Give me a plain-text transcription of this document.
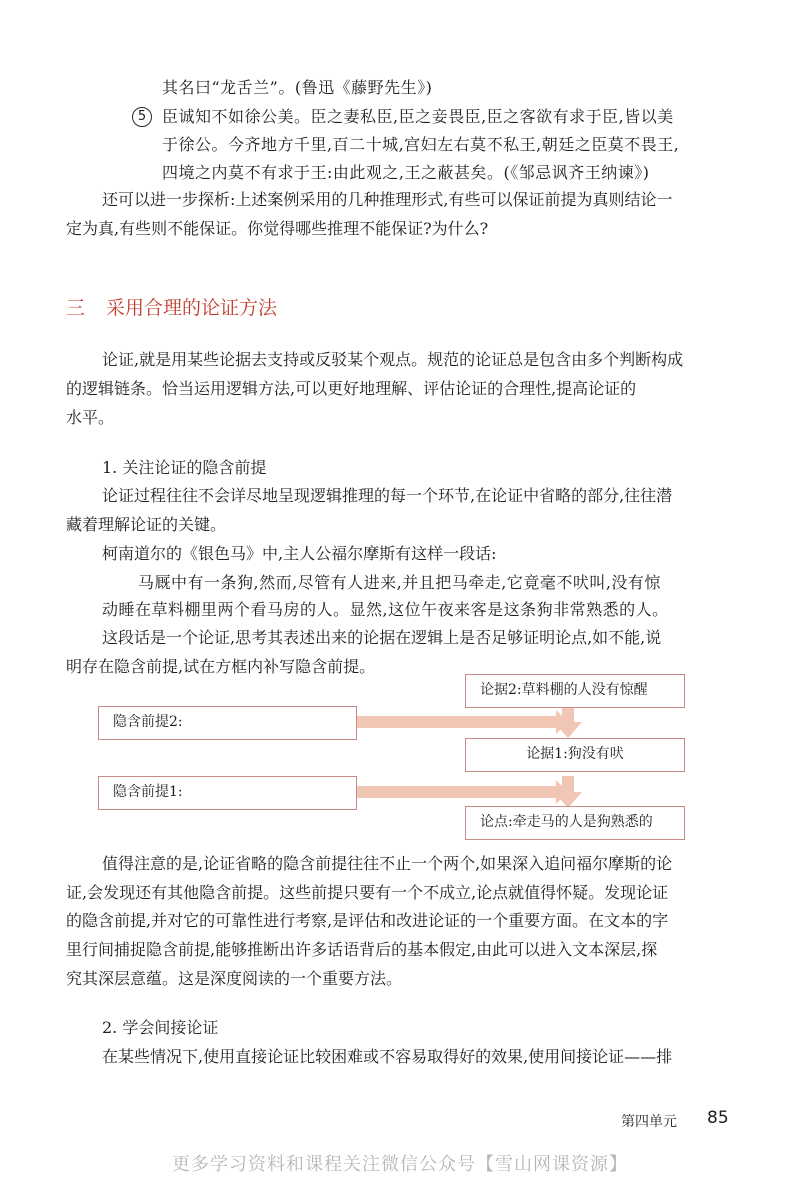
其名曰“龙舌兰”。(鲁迅《藤野先生》)
5 臣诚知不如徐公美。臣之妻私臣,臣之妾畏臣,臣之客欲有求于臣,皆以美
于徐公。今齐地方千里,百二十城,宫妇左右莫不私王,朝廷之臣莫不畏王,
四境之内莫不有求于王:由此观之,王之蔽甚矣。(《邹忌讽齐王纳谏》)
还可以进一步探析:上述案例采用的几种推理形式,有些可以保证前提为真则结论一
定为真,有些则不能保证。你觉得哪些推理不能保证?为什么?
三 采用合理的论证方法
论证,就是用某些论据去支持或反驳某个观点。规范的论证总是包含由多个判断构成
的逻辑链条。恰当运用逻辑方法,可以更好地理解、评估论证的合理性,提高论证的
水平。
1. 关注论证的隐含前提
论证过程往往不会详尽地呈现逻辑推理的每一个环节,在论证中省略的部分,往往潜
藏着理解论证的关键。
柯南道尔的《银色马》中,主人公福尔摩斯有这样一段话:
马厩中有一条狗,然而,尽管有人进来,并且把马牵走,它竟毫不吠叫,没有惊
动睡在草料棚里两个看马房的人。显然,这位午夜来客是这条狗非常熟悉的人。
这段话是一个论证,思考其表述出来的论据在逻辑上是否足够证明论点,如不能,说
明存在隐含前提,试在方框内补写隐含前提。
论据2:草料棚的人没有惊醒
隐含前提2:
论据1:狗没有吠
隐含前提1:
论点:牵走马的人是狗熟悉的
值得注意的是,论证省略的隐含前提往往不止一个两个,如果深入追问福尔摩斯的论
证,会发现还有其他隐含前提。这些前提只要有一个不成立,论点就值得怀疑。发现论证
的隐含前提,并对它的可靠性进行考察,是评估和改进论证的一个重要方面。在文本的字
里行间捕捉隐含前提,能够推断出许多话语背后的基本假定,由此可以进入文本深层,探
究其深层意蕴。这是深度阅读的一个重要方法。
2. 学会间接论证
在某些情况下,使用直接论证比较困难或不容易取得好的效果,使用间接论证——排
第四单元 85
更多学习资料和课程关注微信公众号【雪山网课资源】
